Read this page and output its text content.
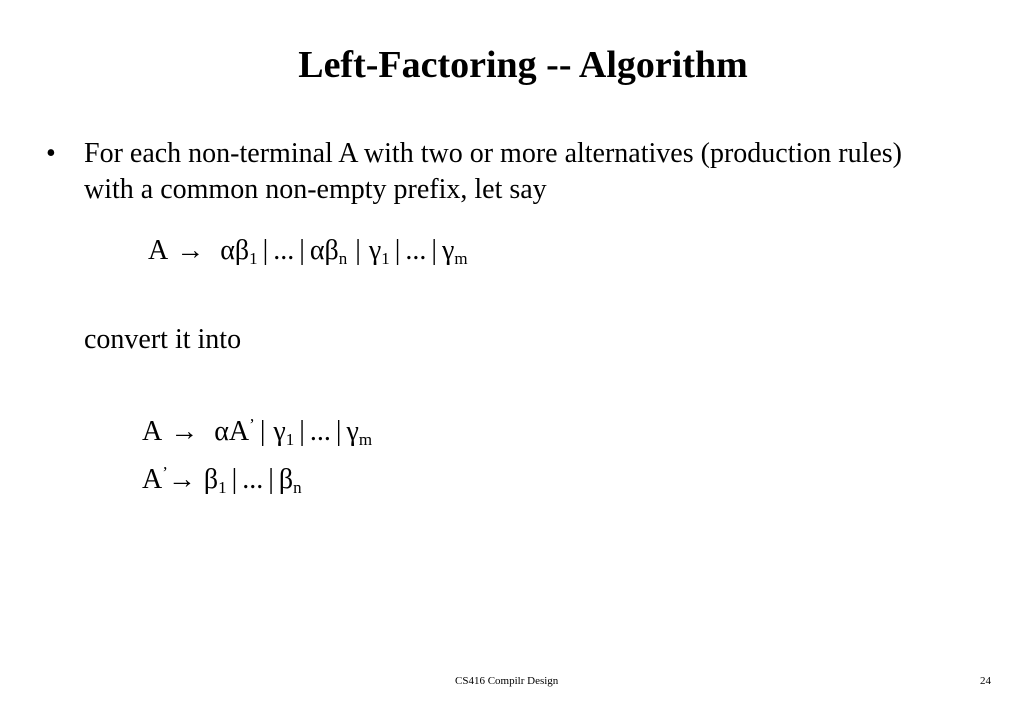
Left-Factoring -- Algorithm
• For each non-terminal A with two or more alternatives (production rules) with a common non-empty prefix, let say
$A \to \alpha\beta_1$ | ... | $\alpha\beta_n$ | $\gamma_1$ | ... | $\gamma_m$
convert it into
A → αA’ | $\gamma_1$ | ... | $\gamma_m$
$A^’\to \beta_1$ | ... | $\beta_n$
CS416 Compilr Design	24
